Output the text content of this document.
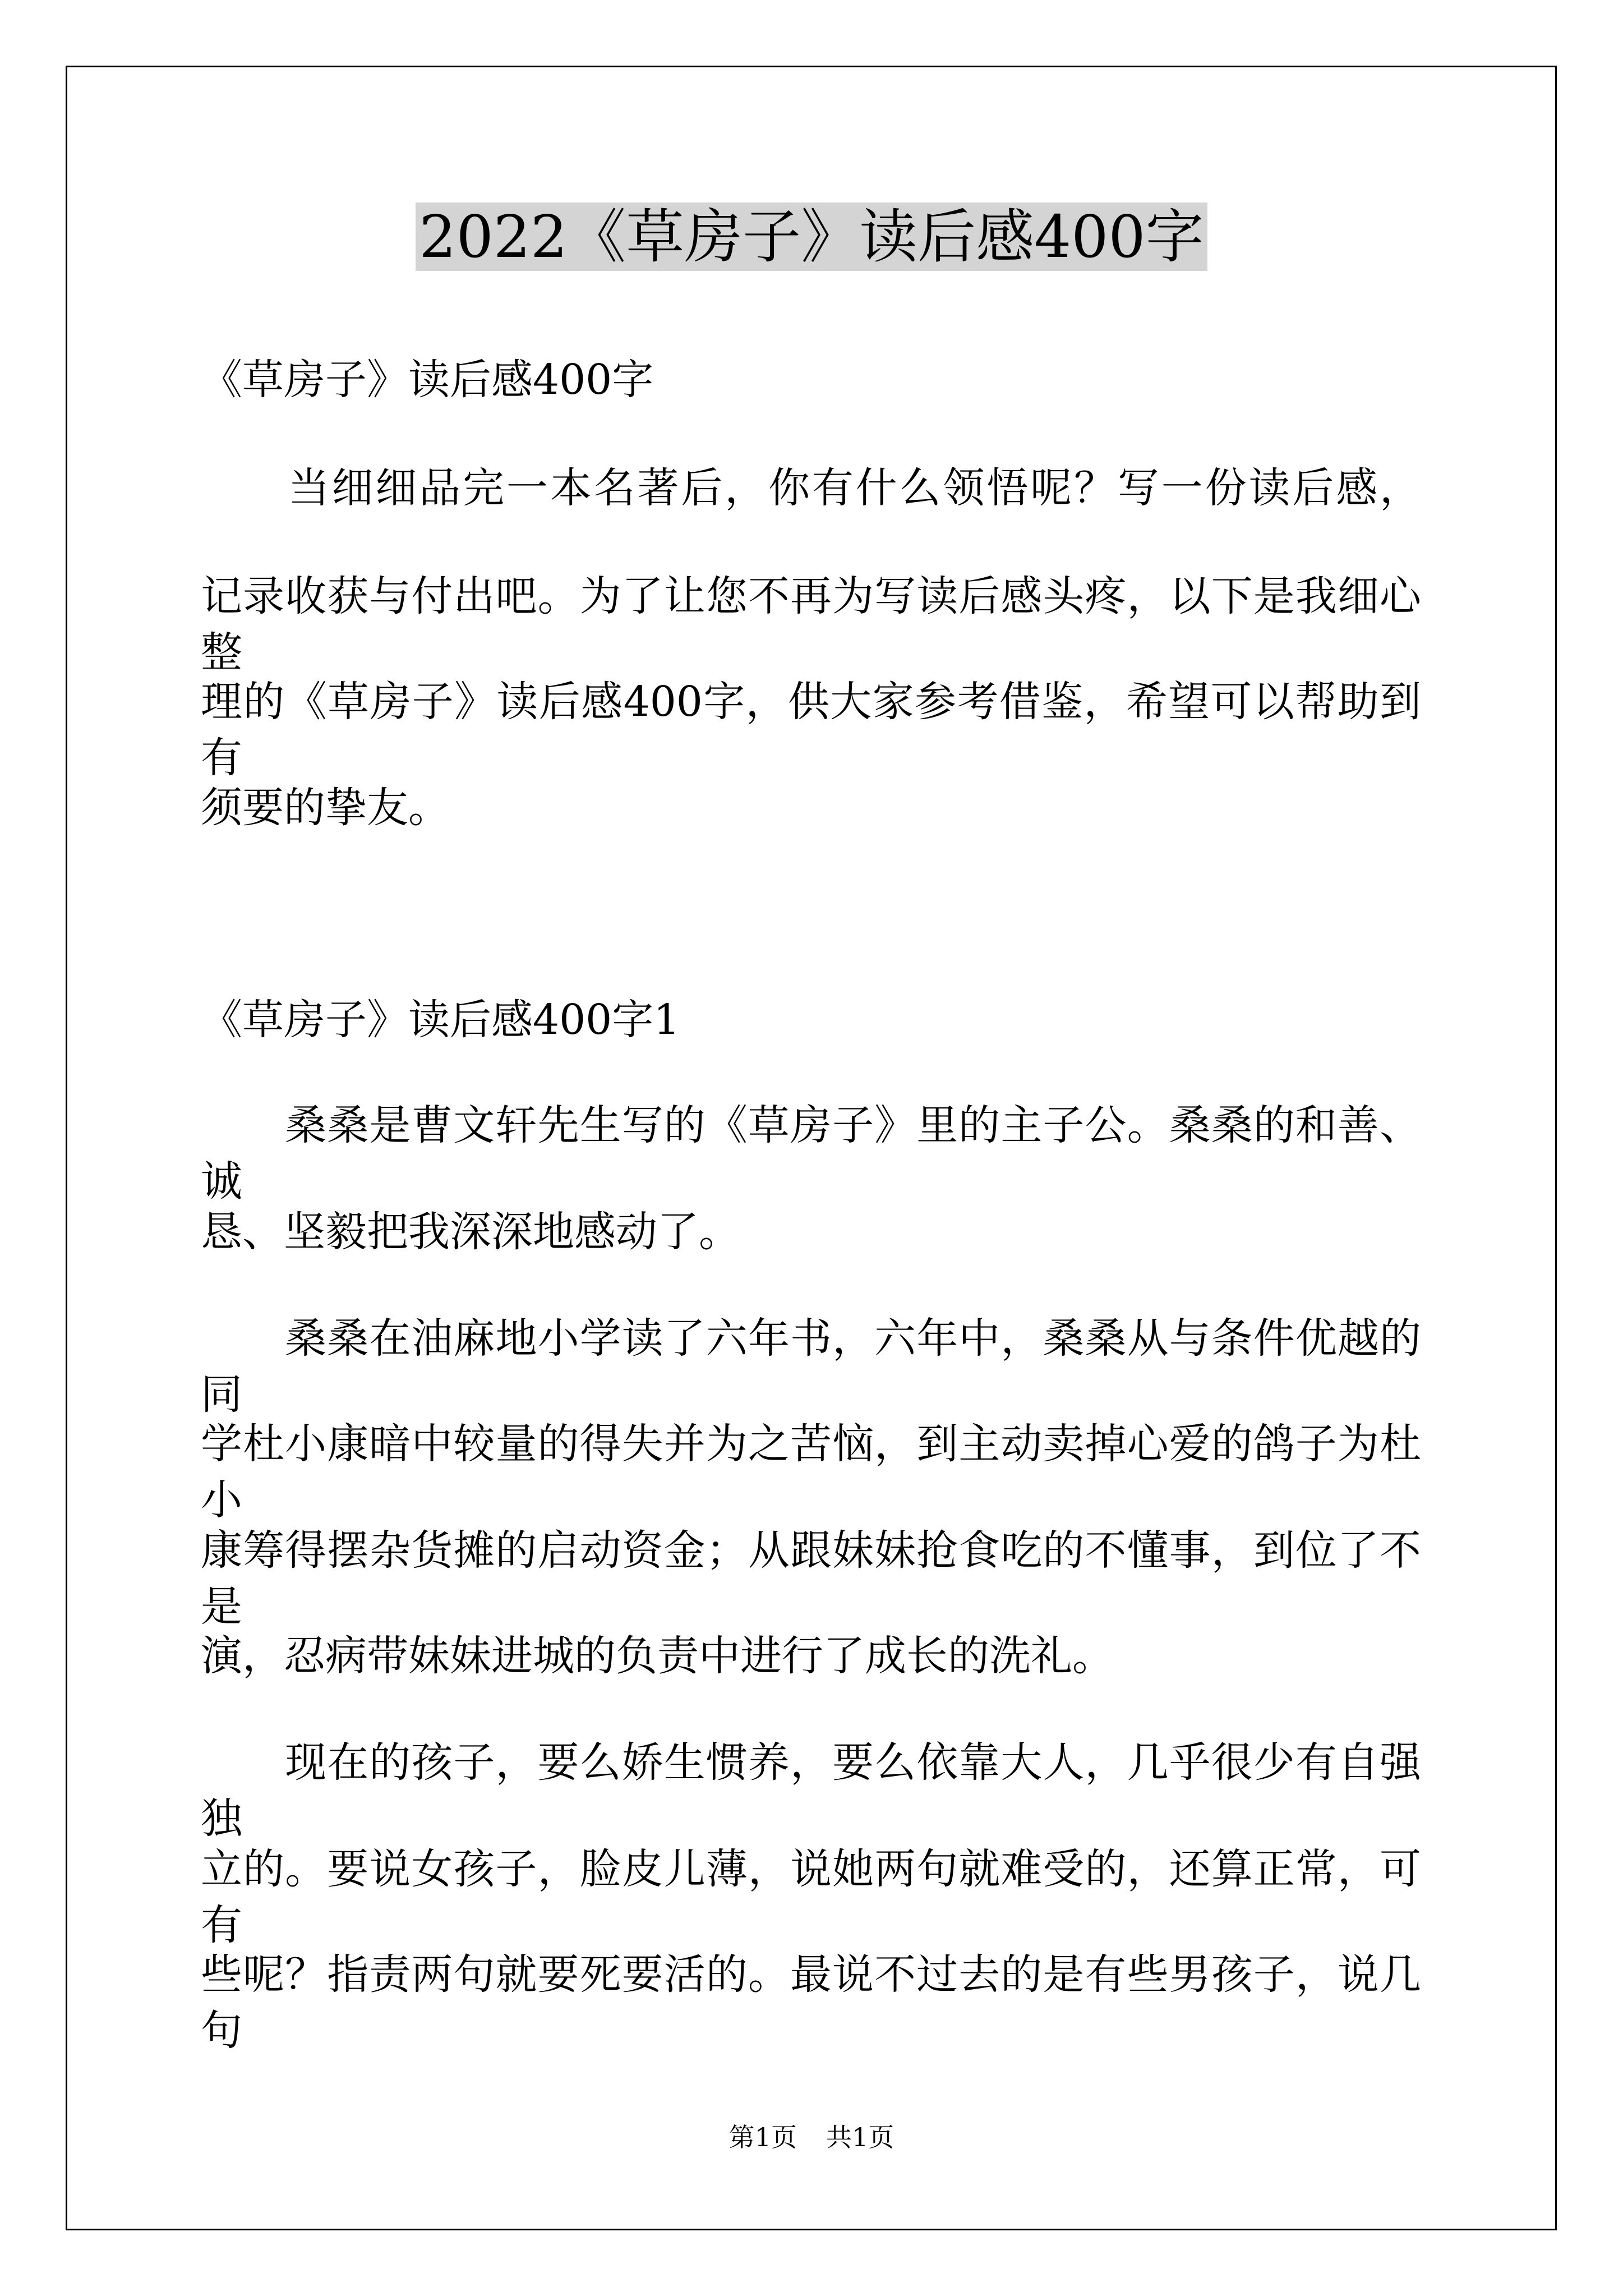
2022《草房子》读后感400字
《草房子》读后感400字
　　当细细品完一本名著后，你有什么领悟呢？写一份读后感，
记录收获与付出吧。为了让您不再为写读后感头疼，以下是我细心整
理的《草房子》读后感400字，供大家参考借鉴，希望可以帮助到有
须要的挚友。
《草房子》读后感400字1
　　桑桑是曹文轩先生写的《草房子》里的主子公。桑桑的和善、诚
恳、坚毅把我深深地感动了。
　　桑桑在油麻地小学读了六年书，六年中，桑桑从与条件优越的同
学杜小康暗中较量的得失并为之苦恼，到主动卖掉心爱的鸽子为杜小
康筹得摆杂货摊的启动资金；从跟妹妹抢食吃的不懂事，到位了不是
演，忍病带妹妹进城的负责中进行了成长的洗礼。
　　现在的孩子，要么娇生惯养，要么依靠大人，几乎很少有自强独
立的。要说女孩子，脸皮儿薄，说她两句就难受的，还算正常，可有
些呢？指责两句就要死要活的。最说不过去的是有些男孩子，说几句
第1页 共1页
